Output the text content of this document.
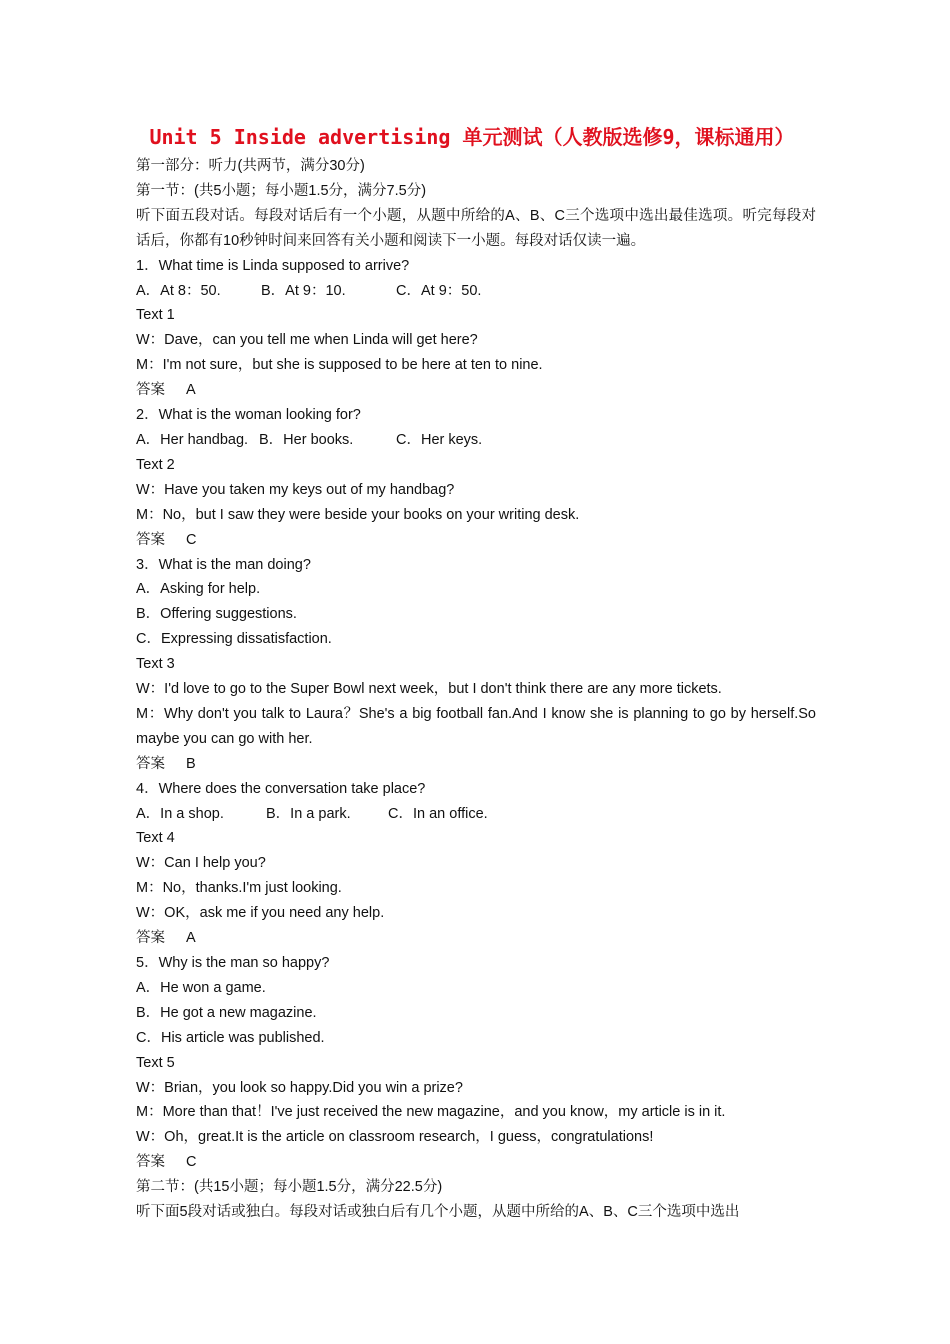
Unit 5 Inside advertising 单元测试（人教版选修9，课标通用）
第一部分：听力(共两节，满分30分)
第一节：(共5小题；每小题1.5分，满分7.5分)
听下面五段对话。每段对话后有一个小题，从题中所给的A、B、C三个选项中选出最佳选项。听完每段对话后，你都有10秒钟时间来回答有关小题和阅读下一小题。每段对话仅读一遍。
1．What time is Linda supposed to arrive?
A．At 8：50.	B．At 9：10.	C．At 9：50.
Text 1
W：Dave，can you tell me when Linda will get here?
M：I'm not sure，but she is supposed to be here at ten to nine.
答案 A
2．What is the woman looking for?
A．Her handbag. B．Her books.	C．Her keys.
Text 2
W：Have you taken my keys out of my handbag?
M：No，but I saw they were beside your books on your writing desk.
答案 C
3．What is the man doing?
A．Asking for help.
B．Offering suggestions.
C．Expressing dissatisfaction.
Text 3
W：I'd love to go to the Super Bowl next week，but I don't think there are any more tickets.
M：Why don't you talk to Laura？She's a big football fan.And I know she is planning to go by herself.So maybe you can go with her.
答案 B
4．Where does the conversation take place?
A．In a shop.	B．In a park.	C．In an office.
Text 4
W：Can I help you?
M：No，thanks.I'm just looking.
W：OK，ask me if you need any help.
答案 A
5．Why is the man so happy?
A．He won a game.
B．He got a new magazine.
C．His article was published.
Text 5
W：Brian，you look so happy.Did you win a prize?
M：More than that！I've just received the new magazine，and you know，my article is in it.
W：Oh，great.It is the article on classroom research，I guess，congratulations!
答案 C
第二节：(共15小题；每小题1.5分，满分22.5分)
听下面5段对话或独白。每段对话或独白后有几个小题，从题中所给的A、B、C三个选项中选出
